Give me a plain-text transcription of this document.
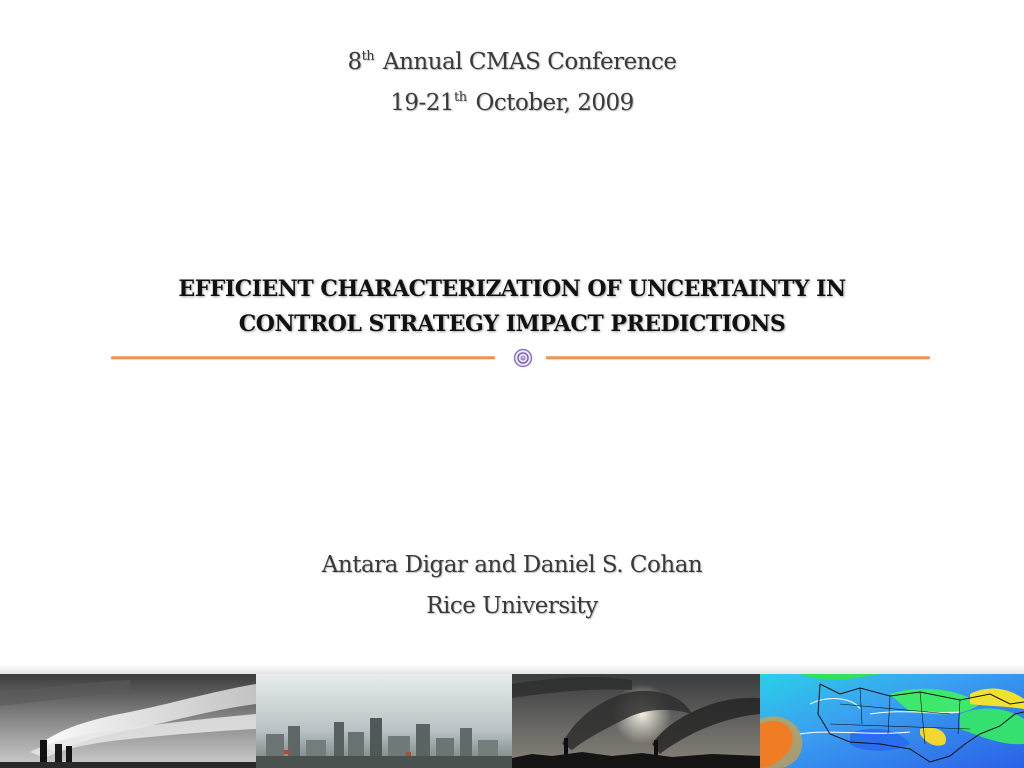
8th Annual CMAS Conference
19-21th October, 2009
EFFICIENT CHARACTERIZATION OF UNCERTAINTY IN
CONTROL STRATEGY IMPACT PREDICTIONS
Antara Digar and Daniel S. Cohan
Rice University
